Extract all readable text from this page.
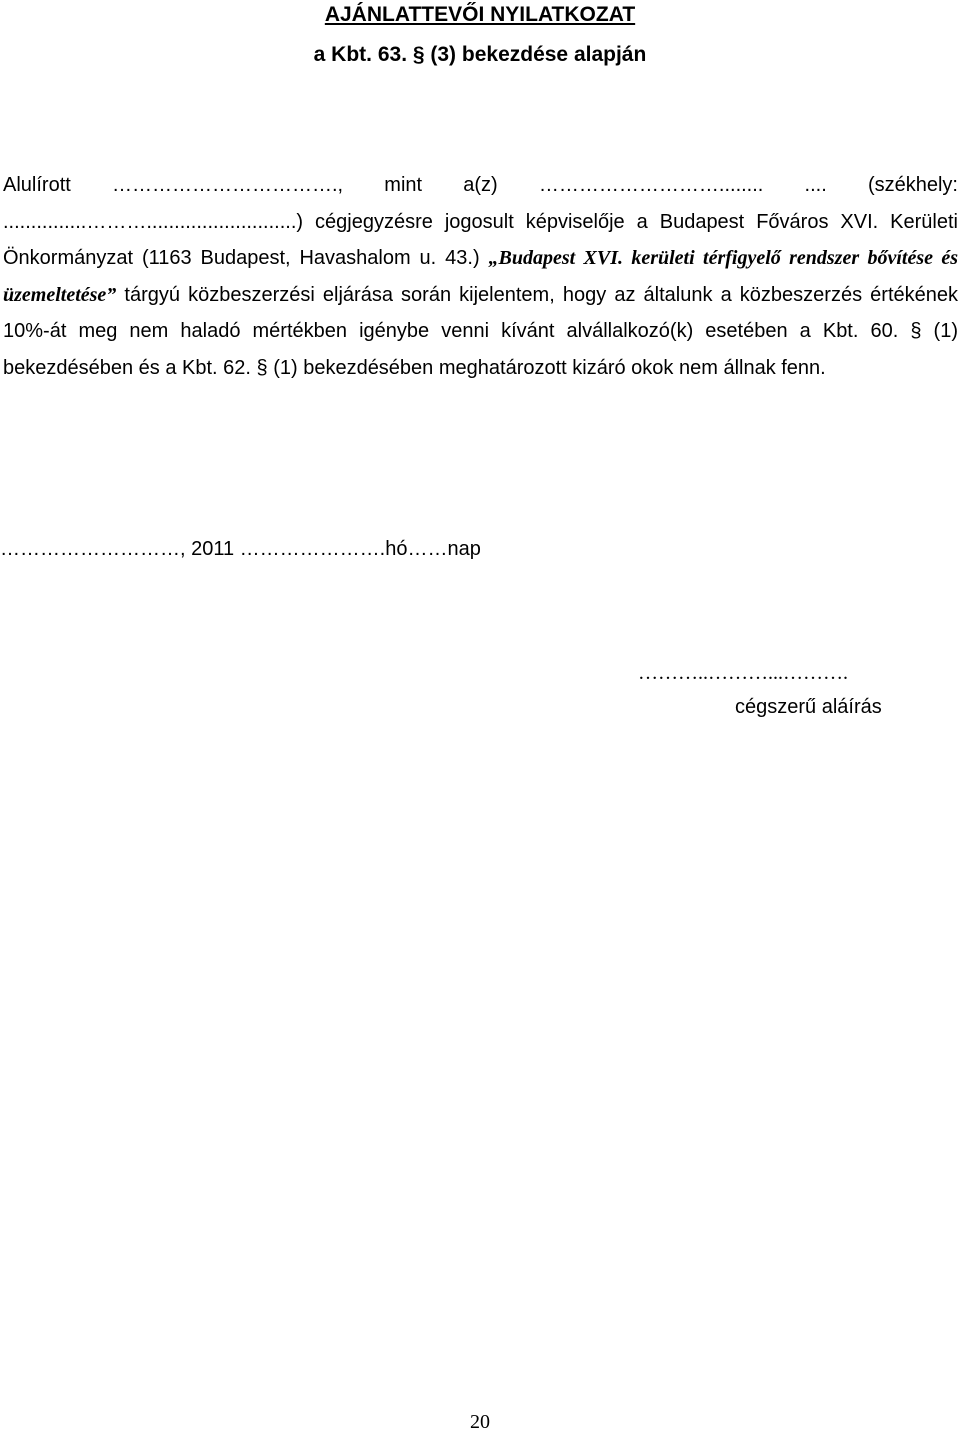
AJÁNLATTEVŐI NYILATKOZAT
a Kbt. 63. § (3) bekezdése alapján
Alulírott ……………………………., mint a(z) ………………………........ .... (székhely: ...............………...........................) cégjegyzésre jogosult képviselője a Budapest Főváros XVI. Kerületi Önkormányzat (1163 Budapest, Havashalom u. 43.) „Budapest XVI. kerületi térfigyelő rendszer bővítése és üzemeltetése” tárgyú közbeszerzési eljárása során kijelentem, hogy az általunk a közbeszerzés értékének 10%-át meg nem haladó mértékben igénybe venni kívánt alvállalkozó(k) esetében a Kbt. 60. § (1) bekezdésében és a Kbt. 62. § (1) bekezdésében meghatározott kizáró okok nem állnak fenn.
………………………, 2011 ………………….hó……nap
………..………...……….
cégszerű aláírás
20
